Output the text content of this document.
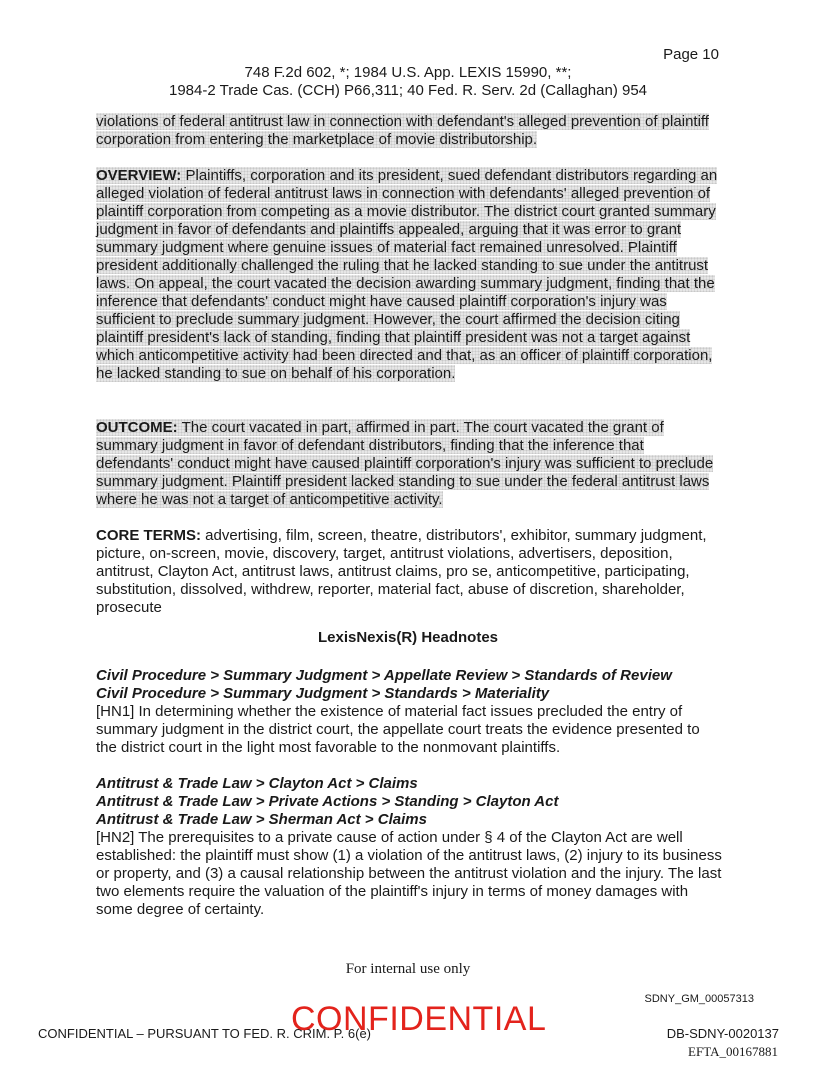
Page 10
748 F.2d 602, *; 1984 U.S. App. LEXIS 15990, **;
1984-2 Trade Cas. (CCH) P66,311; 40 Fed. R. Serv. 2d (Callaghan) 954
violations of federal antitrust law in connection with defendant's alleged prevention of plaintiff corporation from entering the marketplace of movie distributorship.
OVERVIEW: Plaintiffs, corporation and its president, sued defendant distributors regarding an alleged violation of federal antitrust laws in connection with defendants' alleged prevention of plaintiff corporation from competing as a movie distributor. The district court granted summary judgment in favor of defendants and plaintiffs appealed, arguing that it was error to grant summary judgment where genuine issues of material fact remained unresolved. Plaintiff president additionally challenged the ruling that he lacked standing to sue under the antitrust laws. On appeal, the court vacated the decision awarding summary judgment, finding that the inference that defendants' conduct might have caused plaintiff corporation's injury was sufficient to preclude summary judgment. However, the court affirmed the decision citing plaintiff president's lack of standing, finding that plaintiff president was not a target against which anticompetitive activity had been directed and that, as an officer of plaintiff corporation, he lacked standing to sue on behalf of his corporation.
OUTCOME: The court vacated in part, affirmed in part. The court vacated the grant of summary judgment in favor of defendant distributors, finding that the inference that defendants' conduct might have caused plaintiff corporation's injury was sufficient to preclude summary judgment. Plaintiff president lacked standing to sue under the federal antitrust laws where he was not a target of anticompetitive activity.
CORE TERMS: advertising, film, screen, theatre, distributors', exhibitor, summary judgment, picture, on-screen, movie, discovery, target, antitrust violations, advertisers, deposition, antitrust, Clayton Act, antitrust laws, antitrust claims, pro se, anticompetitive, participating, substitution, dissolved, withdrew, reporter, material fact, abuse of discretion, shareholder, prosecute
LexisNexis(R) Headnotes
Civil Procedure > Summary Judgment > Appellate Review > Standards of Review
Civil Procedure > Summary Judgment > Standards > Materiality
[HN1] In determining whether the existence of material fact issues precluded the entry of summary judgment in the district court, the appellate court treats the evidence presented to the district court in the light most favorable to the nonmovant plaintiffs.
Antitrust & Trade Law > Clayton Act > Claims
Antitrust & Trade Law > Private Actions > Standing > Clayton Act
Antitrust & Trade Law > Sherman Act > Claims
[HN2] The prerequisites to a private cause of action under § 4 of the Clayton Act are well established: the plaintiff must show (1) a violation of the antitrust laws, (2) injury to its business or property, and (3) a causal relationship between the antitrust violation and the injury. The last two elements require the valuation of the plaintiff's injury in terms of money damages with some degree of certainty.
For internal use only
SDNY_GM_00057313
CONFIDENTIAL – PURSUANT TO FED. R. CRIM. P. 6(e)
CONFIDENTIAL	DB-SDNY-0020137
EFTA_00167881
